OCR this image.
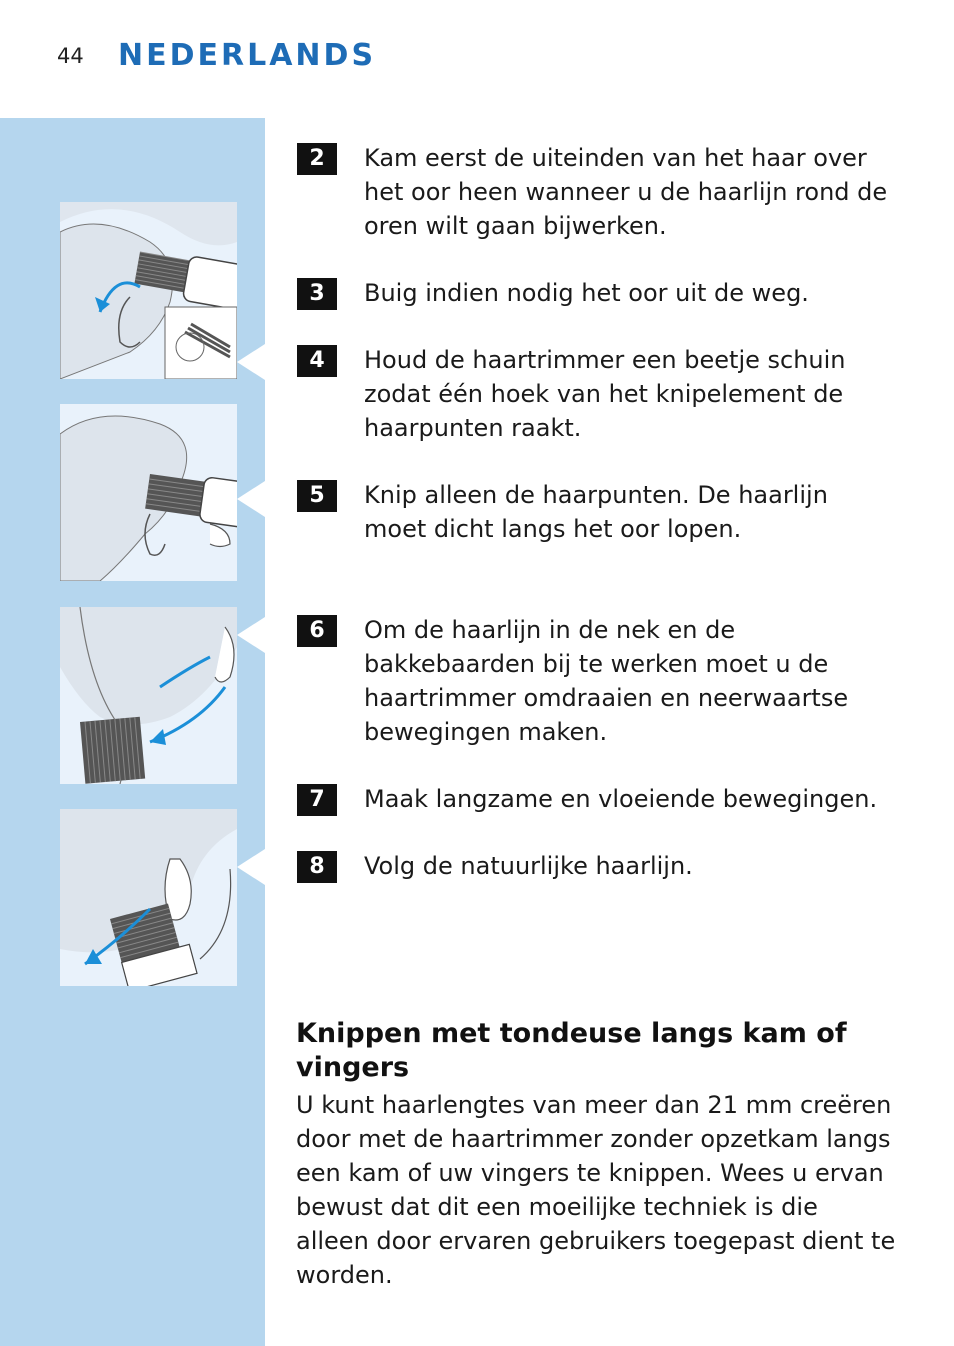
44 NEDERLANDS
2	Kam eerst de uiteinden van het haar over het oor heen wanneer u de haarlijn rond de oren wilt gaan bijwerken.
3	Buig indien nodig het oor uit de weg.
4	Houd de haartrimmer een beetje schuin zodat één hoek van het knipelement de haarpunten raakt.
5	Knip alleen de haarpunten. De haarlijn moet dicht langs het oor lopen.
6	Om de haarlijn in de nek en de bakkebaarden bij te werken moet u de haartrimmer omdraaien en neerwaartse bewegingen maken.
7	Maak langzame en vloeiende bewegingen.
8	Volg de natuurlijke haarlijn.
Knippen met tondeuse langs kam of vingers
U kunt haarlengtes van meer dan 21 mm creëren door met de haartrimmer zonder opzetkam langs een kam of uw vingers te knippen. Wees u ervan bewust dat dit een moeilijke techniek is die alleen door ervaren gebruikers toegepast dient te worden.
